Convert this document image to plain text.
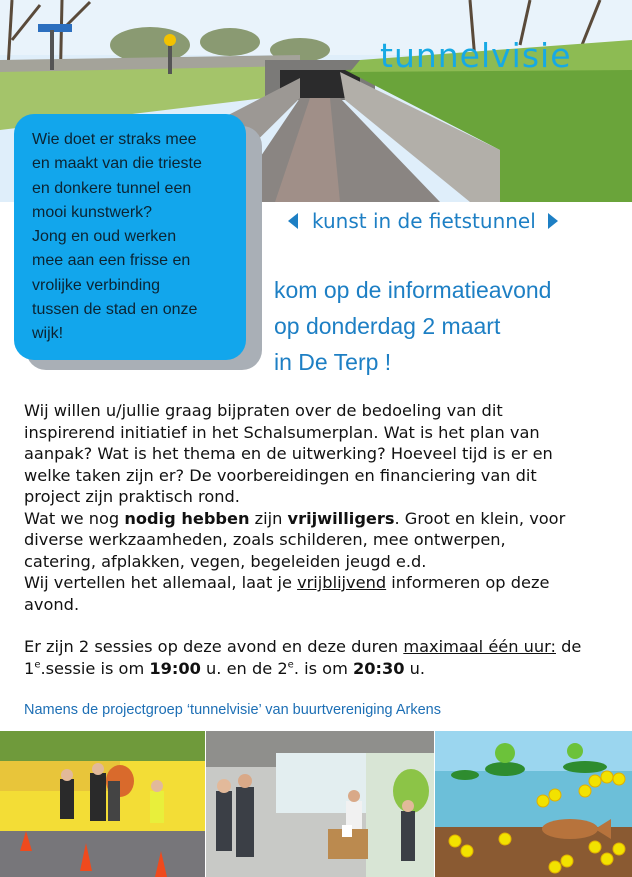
tunnelvisie
Wie doet er straks mee
en maakt van die trieste
en donkere tunnel een
mooi kunstwerk?
Jong en oud werken
mee aan een frisse en
vrolijke verbinding
tussen de stad en onze
wijk!
kunst in de fietstunnel
kom op de informatieavond
op donderdag 2 maart
in De Terp !
Wij willen u/jullie graag bijpraten over de bedoeling van dit
inspirerend initiatief in het Schalsumerplan. Wat is het plan van
aanpak? Wat is het thema en de uitwerking? Hoeveel tijd is er en
welke taken zijn er? De voorbereidingen en financiering van dit
project zijn praktisch rond.
Wat we nog nodig hebben zijn vrijwilligers. Groot en klein, voor
diverse werkzaamheden, zoals schilderen, mee ontwerpen,
catering, afplakken, vegen, begeleiden jeugd e.d.
Wij vertellen het allemaal, laat je vrijblijvend informeren op deze
avond.
Er zijn 2 sessies op deze avond en deze duren maximaal één uur: de
1e.sessie is om 19:00 u. en de 2e. is om 20:30 u.
Namens de projectgroep ‘tunnelvisie’ van buurtvereniging Arkens
